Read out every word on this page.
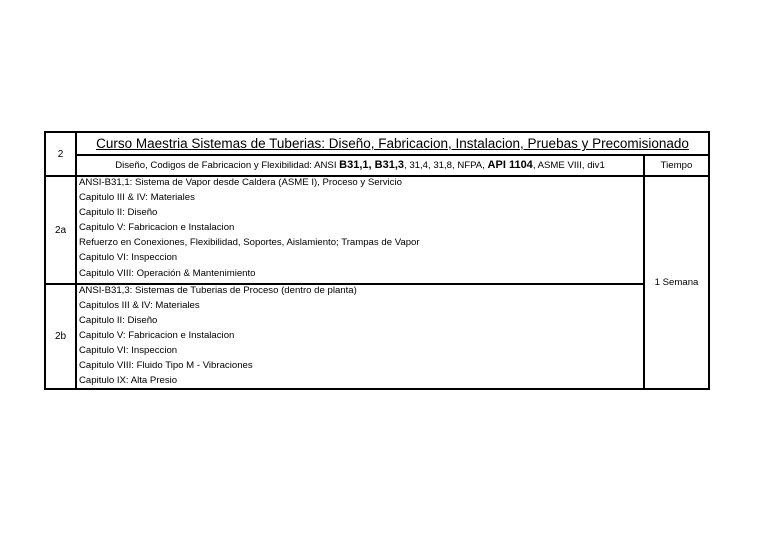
2
Curso Maestria Sistemas de Tuberias: Diseño, Fabricacion, Instalacion, Pruebas y Precomisionado
Diseño, Codigos de Fabricacion y Flexibilidad: ANSI B31,1, B31,3, 31,4, 31,8, NFPA, API 1104, ASME VIII, div1	Tiempo
1 Semana
2a
ANSI-B31,1: Sistema de Vapor desde Caldera (ASME I), Proceso y Servicio
Capitulo III & IV: Materiales
Capitulo II: Diseño
Capitulo V: Fabricacion e Instalacion
Refuerzo en Conexiones, Flexibilidad, Soportes, Aislamiento; Trampas de Vapor
Capitulo VI: Inspeccion
Capitulo VIII: Operación & Mantenimiento
2b
ANSI-B31,3: Sistemas de Tuberias de Proceso (dentro de planta)
Capitulos III & IV: Materiales
Capitulo II: Diseño
Capitulo V: Fabricacion e Instalacion
Capitulo VI: Inspeccion
Capitulo VIII: Fluido Tipo M - Vibraciones
Capitulo IX: Alta Presio
